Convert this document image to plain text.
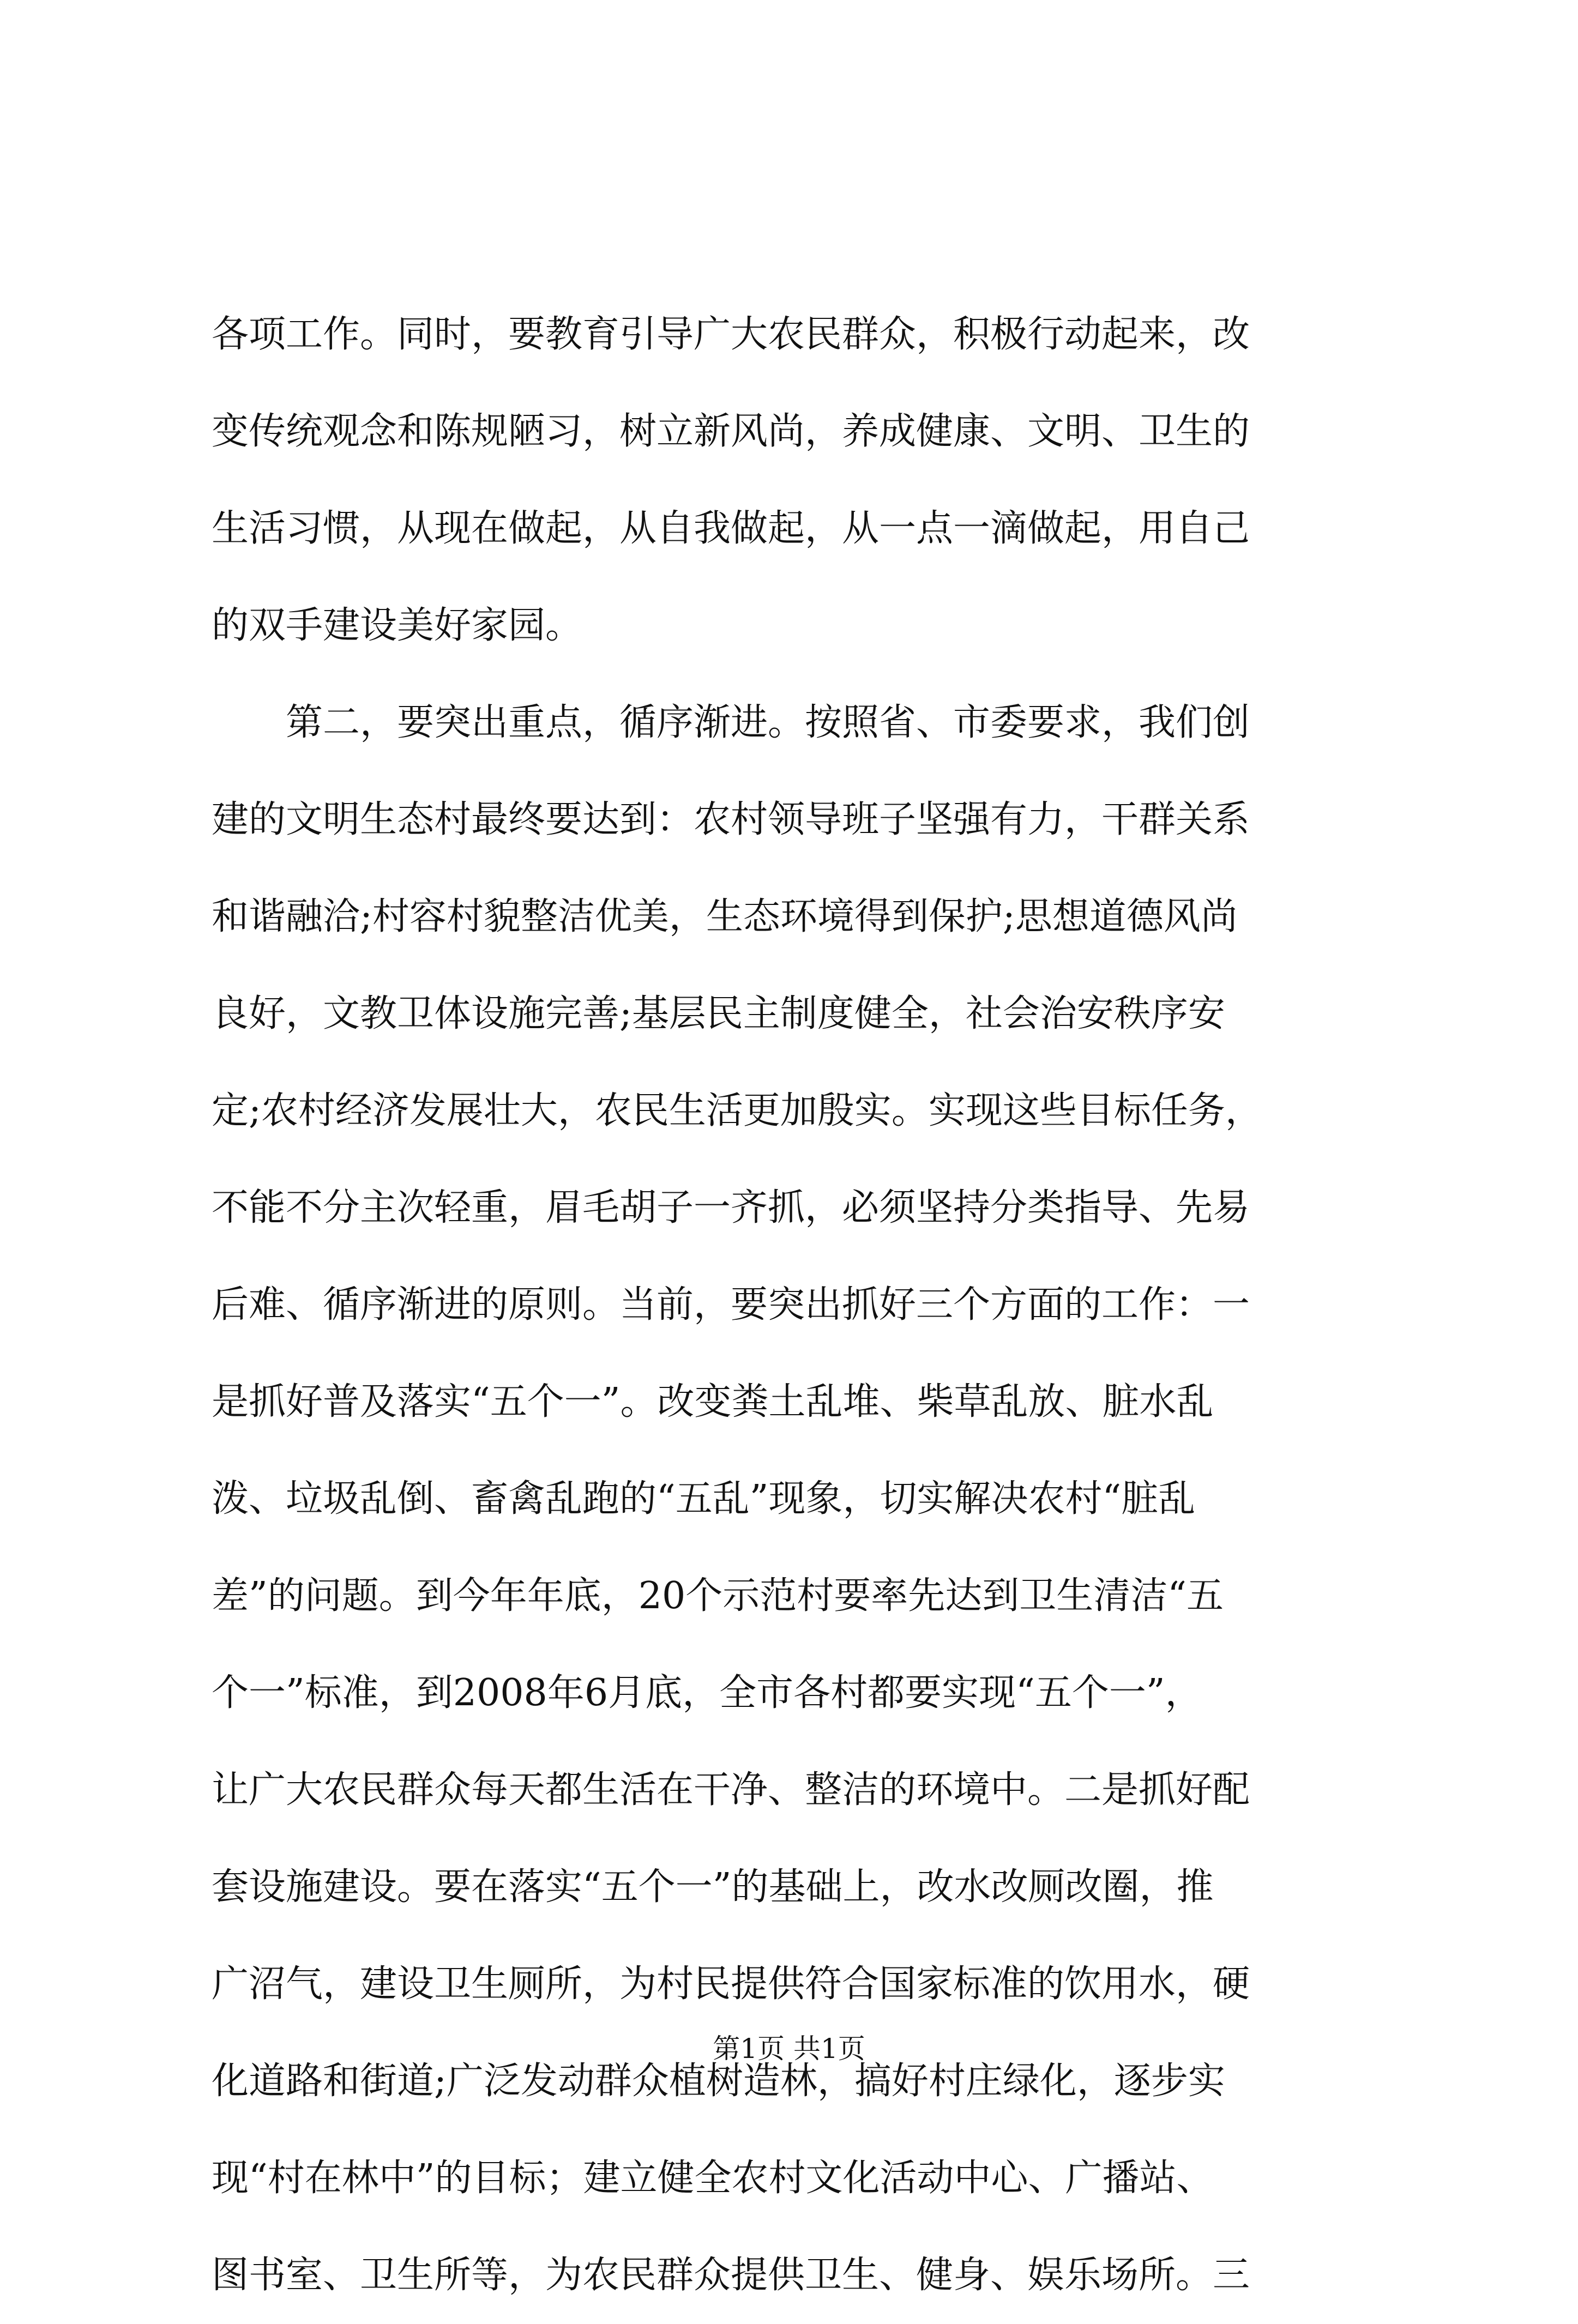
各项工作。同时，要教育引导广大农民群众，积极行动起来，改
变传统观念和陈规陋习，树立新风尚，养成健康、文明、卫生的
生活习惯，从现在做起，从自我做起，从一点一滴做起，用自己
的双手建设美好家园。
　　第二，要突出重点，循序渐进。按照省、市委要求，我们创
建的文明生态村最终要达到：农村领导班子坚强有力，干群关系
和谐融洽;村容村貌整洁优美，生态环境得到保护;思想道德风尚
良好，文教卫体设施完善;基层民主制度健全，社会治安秩序安
定;农村经济发展壮大，农民生活更加殷实。实现这些目标任务，
不能不分主次轻重，眉毛胡子一齐抓，必须坚持分类指导、先易
后难、循序渐进的原则。当前，要突出抓好三个方面的工作：一
是抓好普及落实“五个一”。改变粪土乱堆、柴草乱放、脏水乱
泼、垃圾乱倒、畜禽乱跑的“五乱”现象，切实解决农村“脏乱
差”的问题。到今年年底，20个示范村要率先达到卫生清洁“五
个一”标准，到2008年6月底，全市各村都要实现“五个一”，
让广大农民群众每天都生活在干净、整洁的环境中。二是抓好配
套设施建设。要在落实“五个一”的基础上，改水改厕改圈，推
广沼气，建设卫生厕所，为村民提供符合国家标准的饮用水，硬
化道路和街道;广泛发动群众植树造林，搞好村庄绿化，逐步实
现“村在林中”的目标；建立健全农村文化活动中心、广播站、
图书室、卫生所等，为农民群众提供卫生、健身、娱乐场所。三
第1页 共1页
